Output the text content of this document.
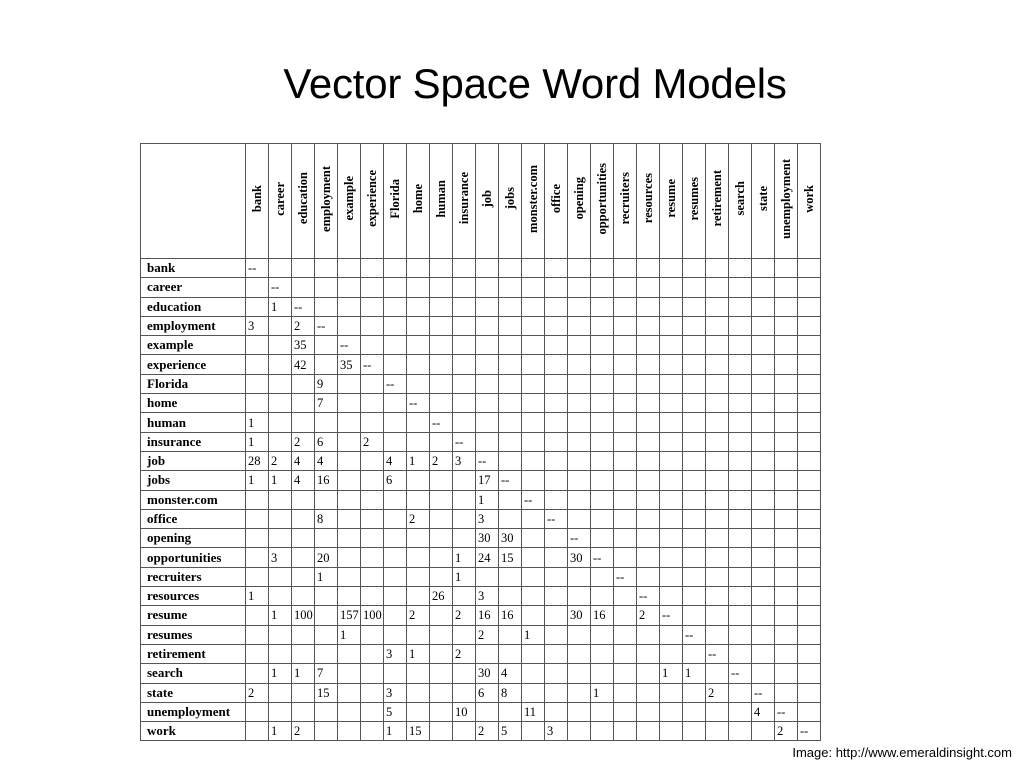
Vector Space Word Models
	bank	career	education	employment	example	experience	Florida	home	human	insurance	job	jobs	monster.com	office	opening	opportunities	recruiters	resources	resume	resumes	retirement	search	state	unemployment	work
bank	--																								
career		--																							
education		1	--																						
employment	3		2	--																					
example			35		--																				
experience			42		35	--																			
Florida				9			--																		
home				7				--																	
human	1								--																
insurance	1		2	6		2				--															
job	28	2	4	4			4	1	2	3	--														
jobs	1	1	4	16			6				17	--													
monster.com											1		--												
office				8				2			3			--											
opening											30	30			--										
opportunities		3		20						1	24	15			30	--									
recruiters				1						1							--								
resources	1								26		3							--							
resume		1	100		157	100		2		2	16	16			30	16		2	--						
resumes					1						2		1							--					
retirement							3	1		2											--				
search		1	1	7							30	4							1	1		--			
state	2			15			3				6	8				1					2		--		
unemployment							5			10			11										4	--	
work		1	2				1	15			2	5		3										2	--
Image: http://www.emeraldinsight.com
